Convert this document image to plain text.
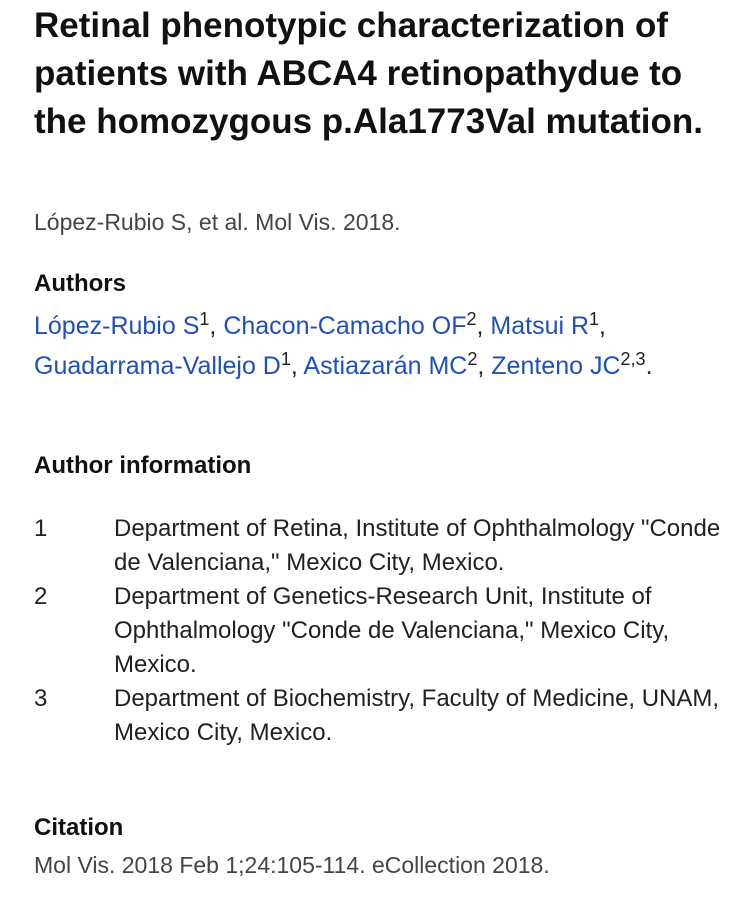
Retinal phenotypic characterization of patients with ABCA4 retinopathydue to the homozygous p.Ala1773Val mutation.
López-Rubio S, et al. Mol Vis. 2018.
Authors
López-Rubio $S^1$, Chacon-Camacho $OF^2$, Matsui $R^1$, Guadarrama-Vallejo $D^1$, Astiazarán $MC^2$, Zenteno JC$^{2,3}$.
Author information
1	Department of Retina, Institute of Ophthalmology "Conde de Valenciana," Mexico City, Mexico.
2	Department of Genetics-Research Unit, Institute of Ophthalmology "Conde de Valenciana," Mexico City, Mexico.
3	Department of Biochemistry, Faculty of Medicine, UNAM, Mexico City, Mexico.
Citation
Mol Vis. 2018 Feb 1;24:105-114. eCollection 2018.
